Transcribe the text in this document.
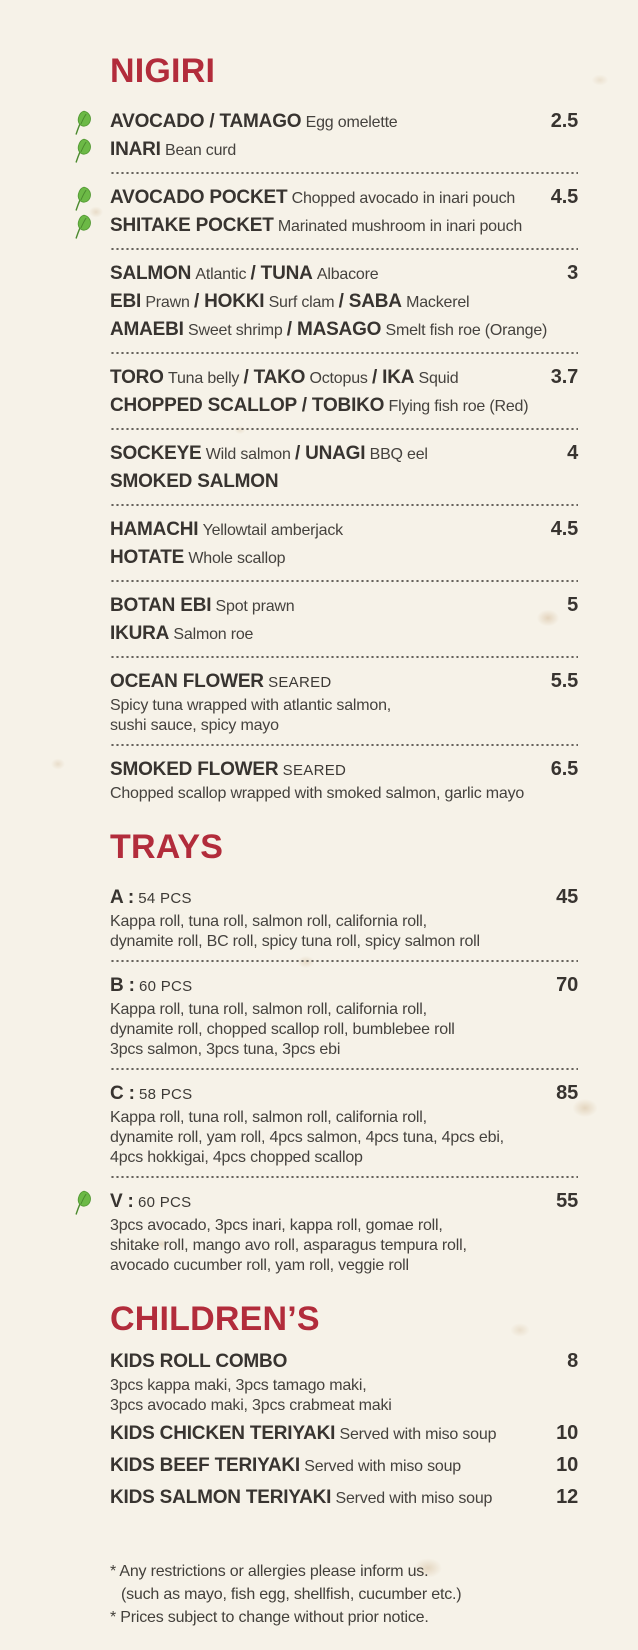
NIGIRI
AVOCADO / TAMAGO Egg omelette	2.5
INARI Bean curd
AVOCADO POCKET Chopped avocado in inari pouch	4.5
SHITAKE POCKET Marinated mushroom in inari pouch
SALMON Atlantic / TUNA Albacore	3
EBI Prawn / HOKKI Surf clam / SABA Mackerel
AMAEBI Sweet shrimp / MASAGO Smelt fish roe (Orange)
TORO Tuna belly / TAKO Octopus / IKA Squid	3.7
CHOPPED SCALLOP / TOBIKO Flying fish roe (Red)
SOCKEYE Wild salmon / UNAGI BBQ eel	4
SMOKED SALMON
HAMACHI Yellowtail amberjack	4.5
HOTATE Whole scallop
BOTAN EBI Spot prawn	5
IKURA Salmon roe
OCEAN FLOWER SEARED	5.5
Spicy tuna wrapped with atlantic salmon,
sushi sauce, spicy mayo
SMOKED FLOWER SEARED	6.5
Chopped scallop wrapped with smoked salmon, garlic mayo
TRAYS
A : 54 PCS	45
Kappa roll, tuna roll, salmon roll, california roll,
dynamite roll, BC roll, spicy tuna roll, spicy salmon roll
B : 60 PCS	70
Kappa roll, tuna roll, salmon roll, california roll,
dynamite roll, chopped scallop roll, bumblebee roll
3pcs salmon, 3pcs tuna, 3pcs ebi
C : 58 PCS	85
Kappa roll, tuna roll, salmon roll, california roll,
dynamite roll, yam roll, 4pcs salmon, 4pcs tuna, 4pcs ebi,
4pcs hokkigai, 4pcs chopped scallop
V : 60 PCS	55
3pcs avocado, 3pcs inari, kappa roll, gomae roll,
shitake roll, mango avo roll, asparagus tempura roll,
avocado cucumber roll, yam roll, veggie roll
CHILDREN’S
KIDS ROLL COMBO	8
3pcs kappa maki, 3pcs tamago maki,
3pcs avocado maki, 3pcs crabmeat maki
KIDS CHICKEN TERIYAKI Served with miso soup	10
KIDS BEEF TERIYAKI Served with miso soup	10
KIDS SALMON TERIYAKI Served with miso soup	12
* Any restrictions or allergies please inform us.
(such as mayo, fish egg, shellfish, cucumber etc.)
* Prices subject to change without prior notice.
